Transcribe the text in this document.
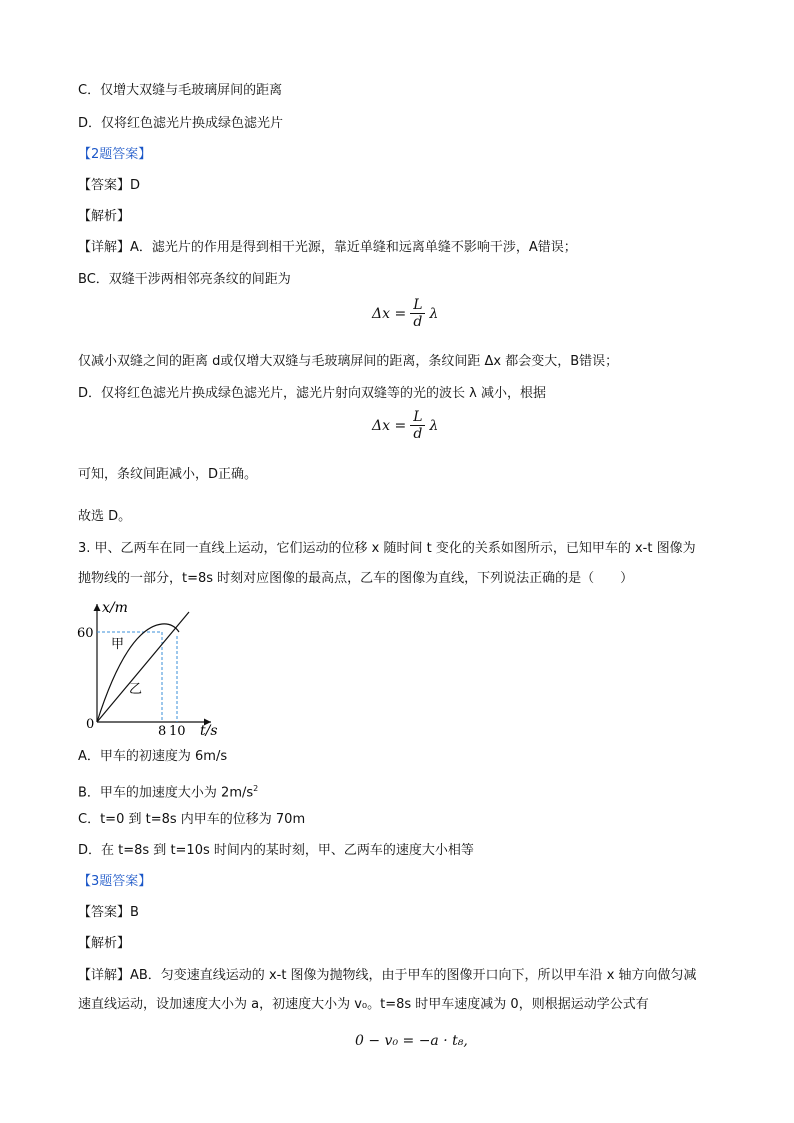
C．仅增大双缝与毛玻璃屏间的距离
D．仅将红色滤光片换成绿色滤光片
【2题答案】
【答案】D
【解析】
【详解】A．滤光片的作用是得到相干光源，靠近单缝和远离单缝不影响干涉，A错误；
BC．双缝干涉两相邻亮条纹的间距为
$\Delta x = \frac{L}{d}$ λ
仅减小双缝之间的距离 d或仅增大双缝与毛玻璃屏间的距离，条纹间距 Δx 都会变大，B错误；
D．仅将红色滤光片换成绿色滤光片，滤光片射向双缝等的光的波长 λ 减小，根据
$\Delta x = \frac{L}{d}$ λ
可知，条纹间距减小，D正确。
故选 D。
3. 甲、乙两车在同一直线上运动，它们运动的位移 x 随时间 t 变化的关系如图所示，已知甲车的 x-t 图像为
抛物线的一部分，t=8s 时刻对应图像的最高点，乙车的图像为直线，下列说法正确的是（　　）
x/m
60
0	8 10 t/s
甲
乙
A．甲车的初速度为 6m/s
B．甲车的加速度大小为 $2m/s^2$
C．t=0 到 t=8s 内甲车的位移为 70m
D．在 t=8s 到 t=10s 时间内的某时刻，甲、乙两车的速度大小相等
【3题答案】
【答案】B
【解析】
【详解】AB．匀变速直线运动的 x-t 图像为抛物线，由于甲车的图像开口向下，所以甲车沿 x 轴方向做匀减
速直线运动，设加速度大小为 a，初速度大小为 v₀。t=8s 时甲车速度减为 0，则根据运动学公式有
0 − v₀ = −a · t₈,
